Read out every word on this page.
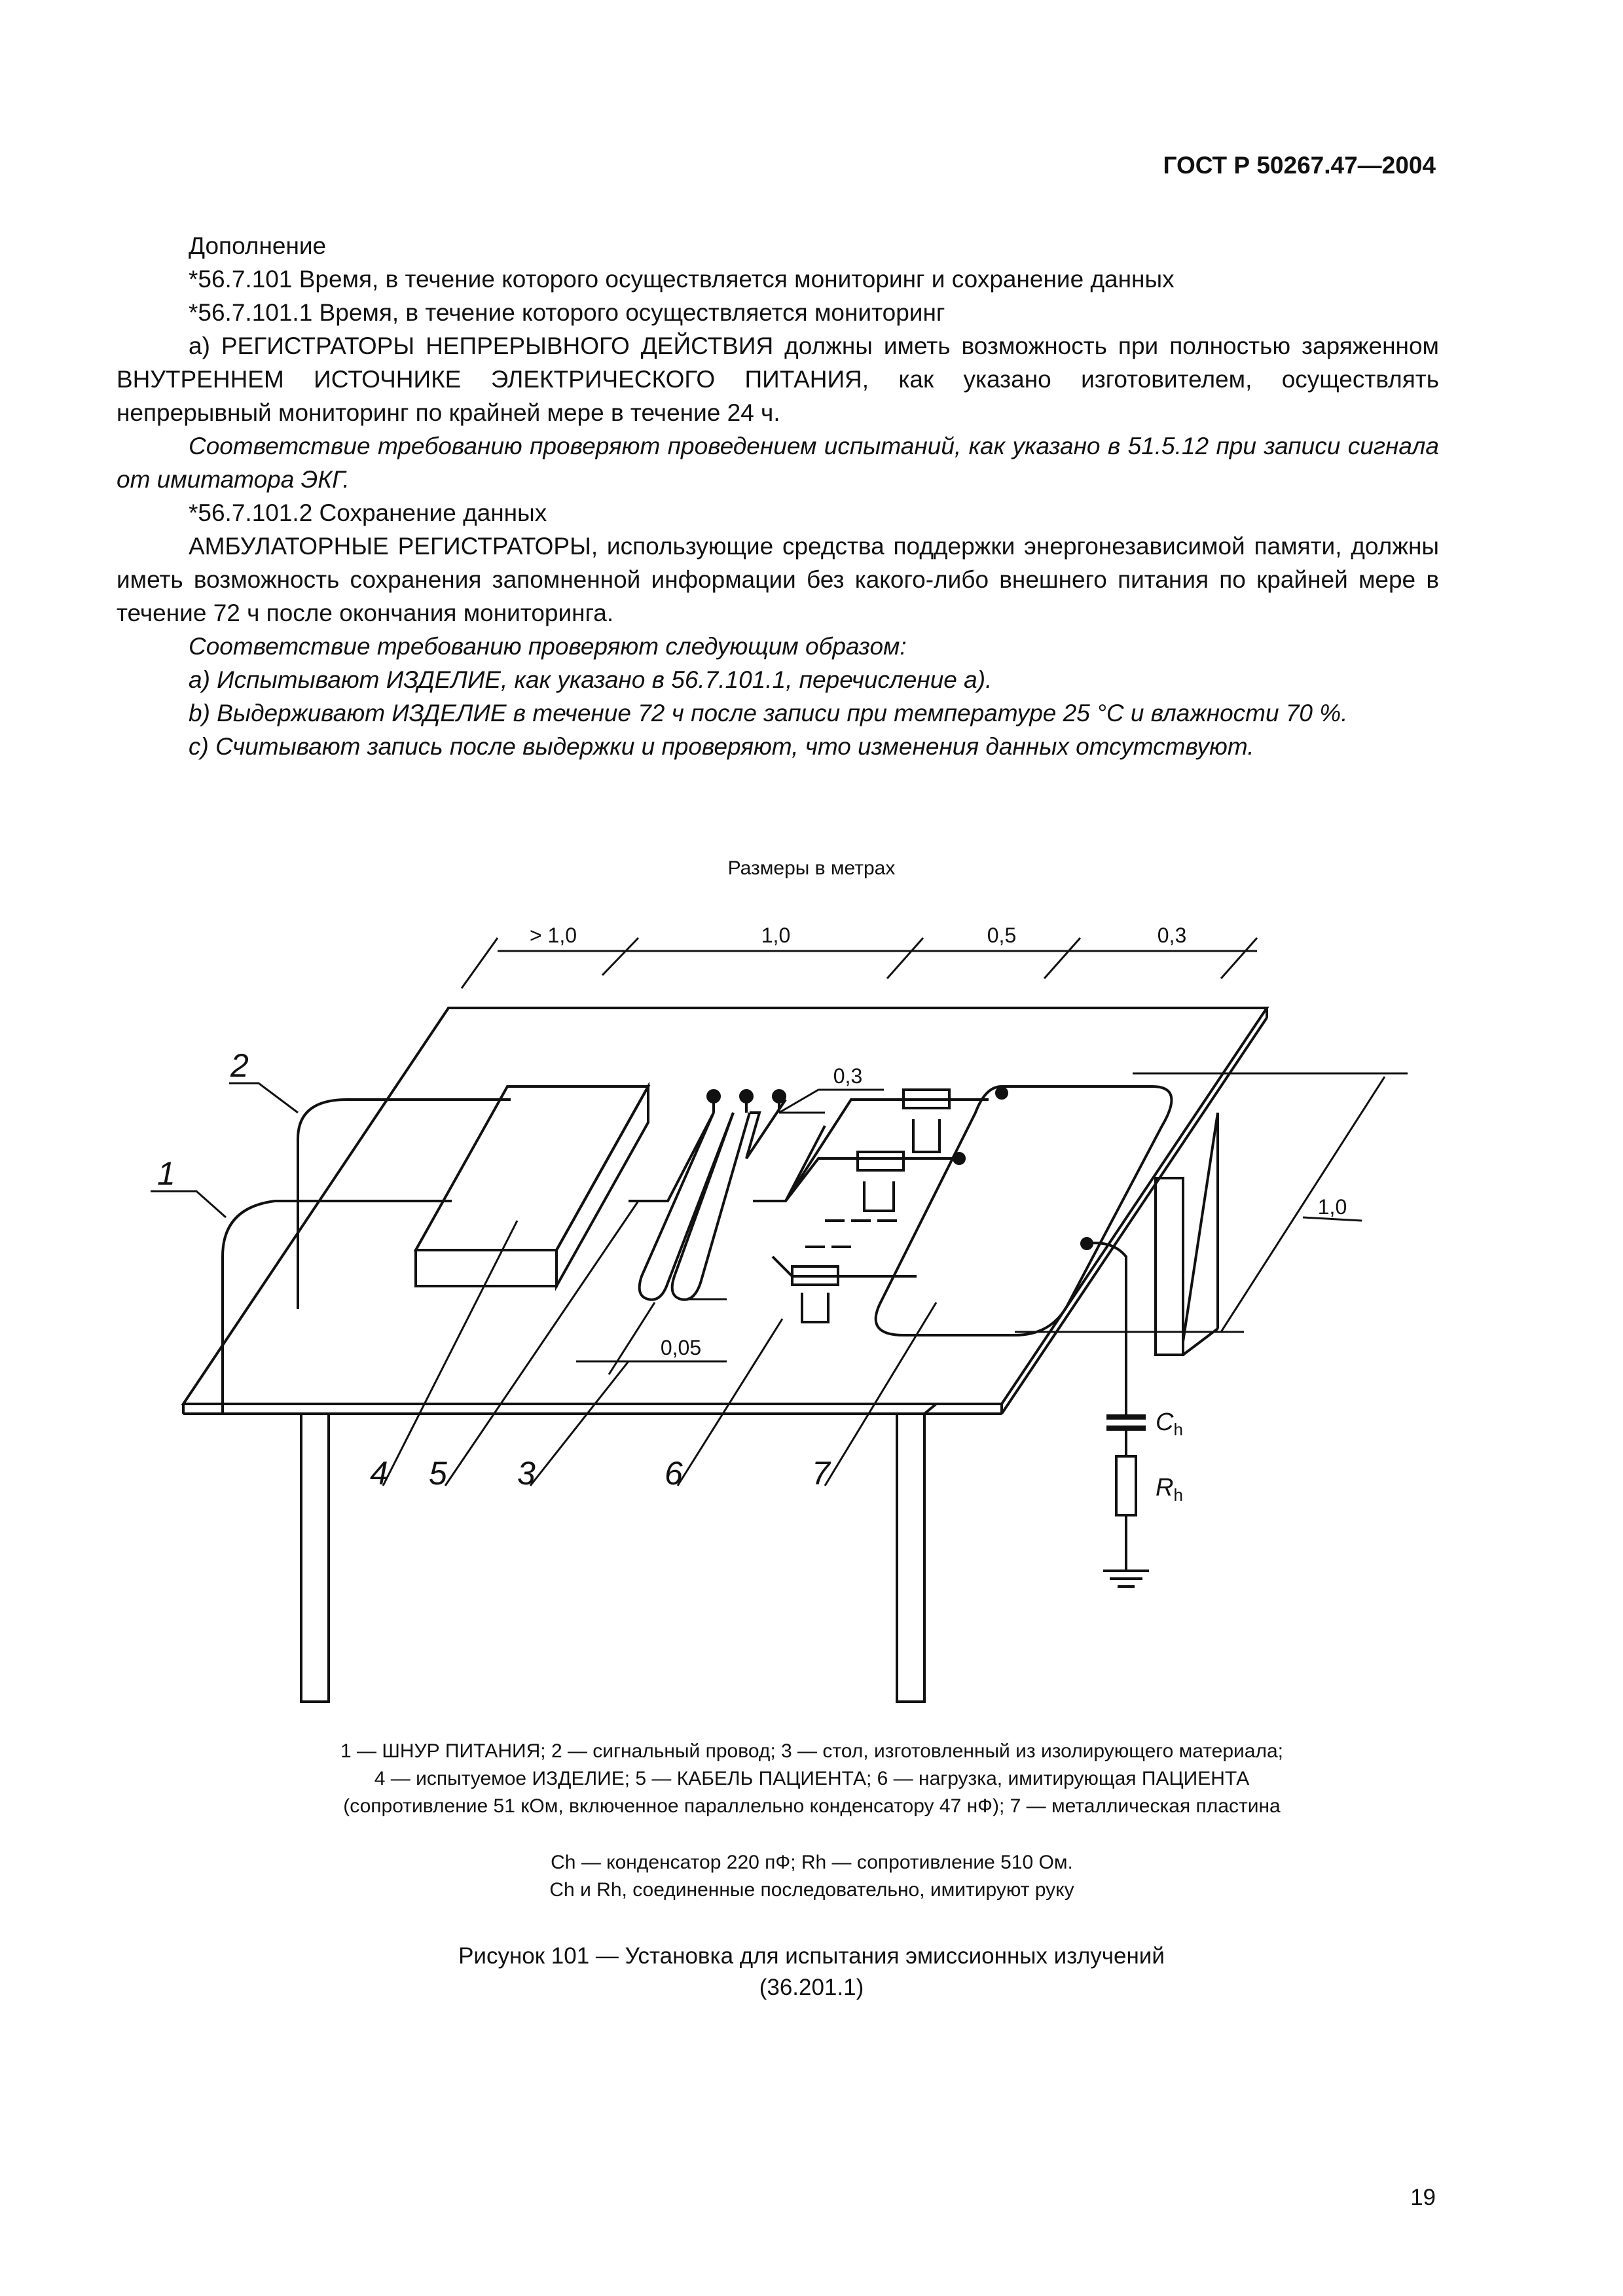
ГОСТ Р 50267.47—2004

Дополнение

*56.7.101 Время, в течение которого осуществляется мониторинг и сохранение данных

*56.7.101.1 Время, в течение которого осуществляется мониторинг

а) РЕГИСТРАТОРЫ НЕПРЕРЫВНОГО ДЕЙСТВИЯ должны иметь возможность при полностью заряженном ВНУТРЕННЕМ ИСТОЧНИКЕ ЭЛЕКТРИЧЕСКОГО ПИТАНИЯ, как указано изготовителем, осуществлять непрерывный мониторинг по крайней мере в течение 24 ч.

Соответствие требованию проверяют проведением испытаний, как указано в 51.5.12 при записи сигнала от имитатора ЭКГ.

*56.7.101.2 Сохранение данных

АМБУЛАТОРНЫЕ РЕГИСТРАТОРЫ, использующие средства поддержки энергонезависимой памяти, должны иметь возможность сохранения запомненной информации без какого-либо внешнего питания по крайней мере в течение 72 ч после окончания мониторинга.

Соответствие требованию проверяют следующим образом:

а) Испытывают ИЗДЕЛИЕ, как указано в 56.7.101.1, перечисление а).

b) Выдерживают ИЗДЕЛИЕ в течение 72 ч после записи при температуре 25 °С и влажности 70 %.

с) Считывают запись после выдержки и проверяют, что изменения данных отсутствуют.

Размеры в метрах
> 1,0	1,0	0,5	0,3
0,3
1,0
0,05
1
2
4 5 3	6	7
$C_h$
$R_h$

1 — ШНУР ПИТАНИЯ; 2 — сигнальный провод; 3 — стол, изготовленный из изолирующего материала;

4 — испытуемое ИЗДЕЛИЕ; 5 — КАБЕЛЬ ПАЦИЕНТА; 6 — нагрузка, имитирующая ПАЦИЕНТА

(сопротивление 51 кОм, включенное параллельно конденсатору 47 нФ); 7 — металлическая пластина

Ch — конденсатор 220 пФ; Rh — сопротивление 510 Ом.

Ch и Rh, соединенные последовательно, имитируют руку

Рисунок 101 — Установка для испытания эмиссионных излучений
(36.201.1)
19
